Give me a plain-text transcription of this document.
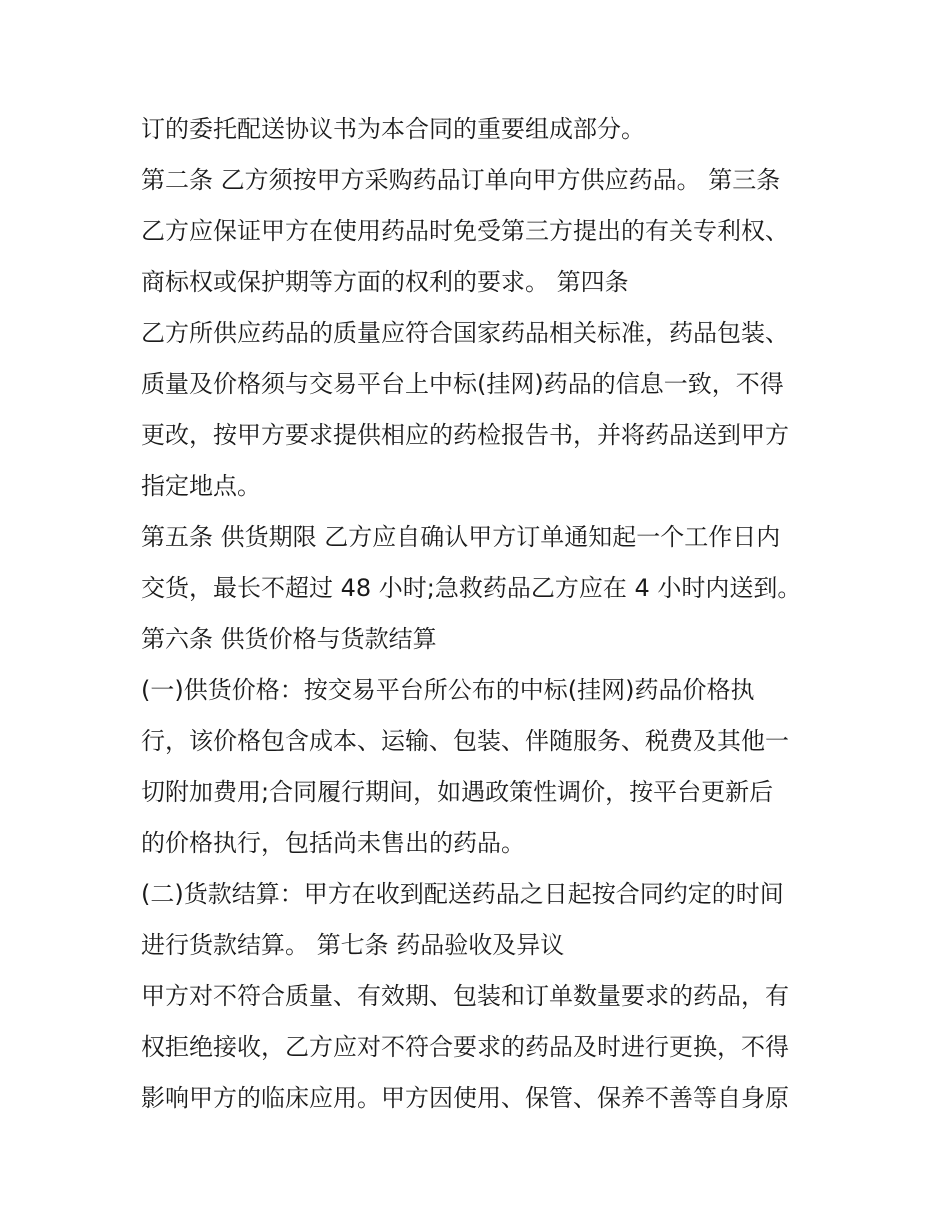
订的委托配送协议书为本合同的重要组成部分。
第二条 乙方须按甲方采购药品订单向甲方供应药品。 第三条
乙方应保证甲方在使用药品时免受第三方提出的有关专利权、
商标权或保护期等方面的权利的要求。 第四条
乙方所供应药品的质量应符合国家药品相关标准，药品包装、
质量及价格须与交易平台上中标(挂网)药品的信息一致，不得
更改，按甲方要求提供相应的药检报告书，并将药品送到甲方
指定地点。
第五条 供货期限 乙方应自确认甲方订单通知起一个工作日内
交货，最长不超过 48 小时;急救药品乙方应在 4 小时内送到。
第六条 供货价格与货款结算
(一)供货价格：按交易平台所公布的中标(挂网)药品价格执
行，该价格包含成本、运输、包装、伴随服务、税费及其他一
切附加费用;合同履行期间，如遇政策性调价，按平台更新后
的价格执行，包括尚未售出的药品。
(二)货款结算：甲方在收到配送药品之日起按合同约定的时间
进行货款结算。 第七条 药品验收及异议
甲方对不符合质量、有效期、包装和订单数量要求的药品，有
权拒绝接收，乙方应对不符合要求的药品及时进行更换，不得
影响甲方的临床应用。甲方因使用、保管、保养不善等自身原
